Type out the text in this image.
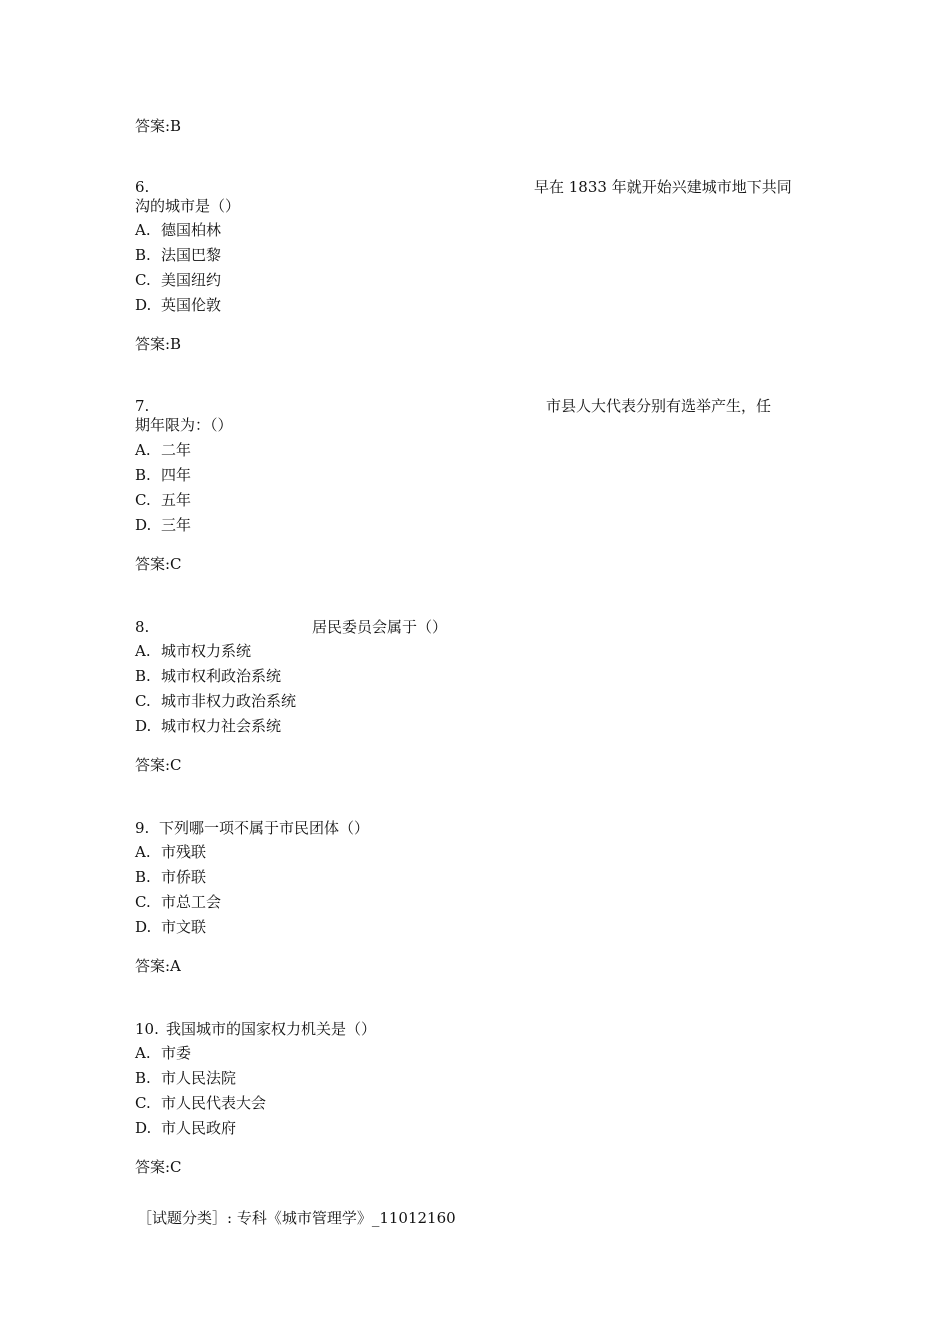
答案:B
6.	早在 1833 年就开始兴建城市地下共同
沟的城市是（）
A. 德国柏林
B. 法国巴黎
C. 美国纽约
D. 英国伦敦
答案:B
7.	市县人大代表分别有选举产生，任
期年限为：（）
A. 二年
B. 四年
C. 五年
D. 三年
答案:C
8.	居民委员会属于（）
A. 城市权力系统
B. 城市权利政治系统
C. 城市非权力政治系统
D. 城市权力社会系统
答案:C
9. 下列哪一项不属于市民团体（）
A. 市残联
B. 市侨联
C. 市总工会
D. 市文联
答案:A
10. 我国城市的国家权力机关是（）
A. 市委
B. 市人民法院
C. 市人民代表大会
D. 市人民政府
答案:C
［试题分类］: 专科《城市管理学》_11012160
